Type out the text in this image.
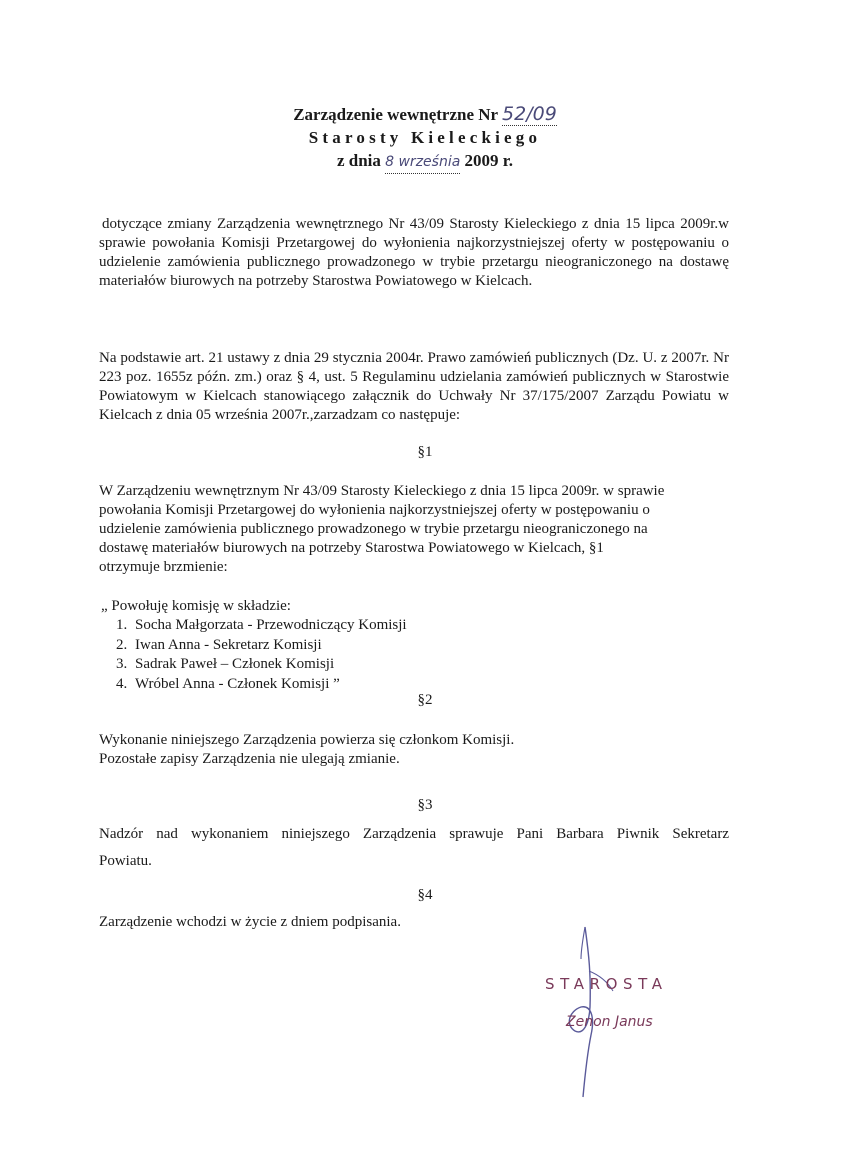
Zarządzenie wewnętrzne Nr 52/09
Starosty Kieleckiego
z dnia 8 września 2009 r.
dotyczące zmiany Zarządzenia wewnętrznego Nr 43/09 Starosty Kieleckiego z dnia 15 lipca 2009r.w sprawie powołania Komisji Przetargowej do wyłonienia najkorzystniejszej oferty w postępowaniu o udzielenie zamówienia publicznego prowadzonego w trybie przetargu nieograniczonego na dostawę materiałów biurowych na potrzeby Starostwa Powiatowego w Kielcach.
Na podstawie art. 21 ustawy z dnia 29 stycznia 2004r. Prawo zamówień publicznych (Dz. U. z 2007r. Nr 223 poz. 1655z późn. zm.) oraz § 4, ust. 5 Regulaminu udzielania zamówień publicznych w Starostwie Powiatowym w Kielcach stanowiącego załącznik do Uchwały Nr 37/175/2007 Zarządu Powiatu w Kielcach z dnia 05 września 2007r.,zarzadzam co następuje:
§1
W Zarządzeniu wewnętrznym Nr 43/09 Starosty Kieleckiego z dnia 15 lipca 2009r. w sprawie
powołania Komisji Przetargowej do wyłonienia najkorzystniejszej oferty w postępowaniu o
udzielenie zamówienia publicznego prowadzonego w trybie przetargu nieograniczonego na
dostawę materiałów biurowych na potrzeby Starostwa Powiatowego w Kielcach, §1
otrzymuje brzmienie:
„ Powołuję komisję w składzie:
1. Socha Małgorzata - Przewodniczący Komisji
2. Iwan Anna - Sekretarz Komisji
3. Sadrak Paweł – Członek Komisji
4. Wróbel Anna - Członek Komisji ”
§2
Wykonanie niniejszego Zarządzenia powierza się członkom Komisji.
Pozostałe zapisy Zarządzenia nie ulegają zmianie.
§3
Nadzór nad wykonaniem niniejszego Zarządzenia sprawuje Pani Barbara Piwnik Sekretarz
Powiatu.
§4
Zarządzenie wchodzi w życie z dniem podpisania.
STAROSTA
Zenon Janus
